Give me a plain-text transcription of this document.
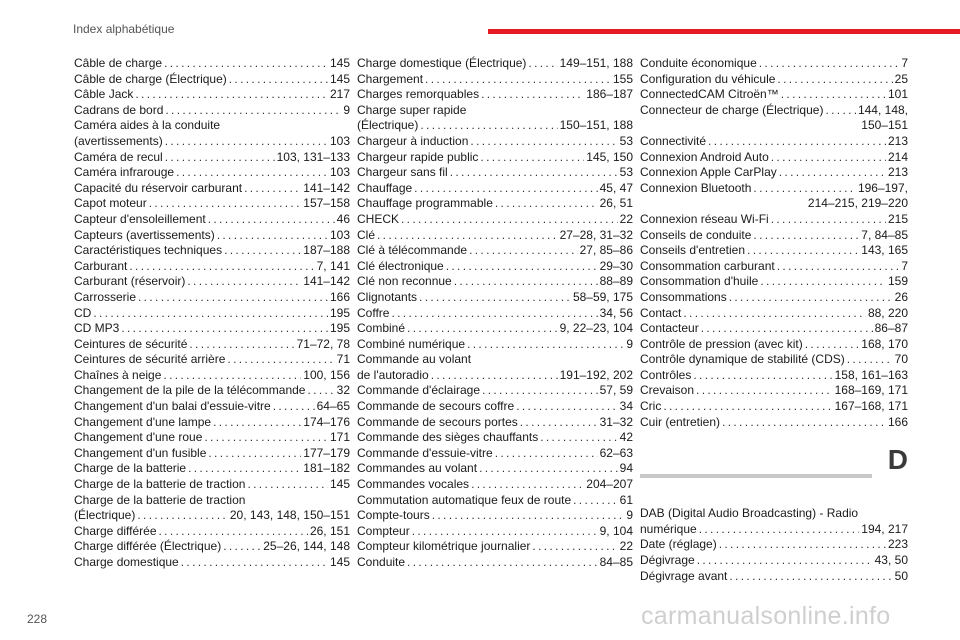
Index alphabétique
Câble de charge . . .	145
Câble de charge (Électrique) . . .	145
Câble Jack . . .	217
Cadrans de bord . . .	9
Caméra aides à la conduite
(avertissements) . . .	103
Caméra de recul . . .	103, 131–133
Caméra infrarouge . . .	103
Capacité du réservoir carburant . . .	141–142
Capot moteur . . .	157–158
Capteur d'ensoleillement . . .	46
Capteurs (avertissements) . . .	103
Caractéristiques techniques . . .	187–188
Carburant . . .	7, 141
Carburant (réservoir) . . .	141–142
Carrosserie . . .	166
CD . . .	195
CD MP3 . . .	195
Ceintures de sécurité . . .	71–72, 78
Ceintures de sécurité arrière . . .	71
Chaînes à neige . . .	100, 156
Changement de la pile de la télécommande . . .	32
Changement d'un balai d'essuie-vitre . . .	64–65
Changement d'une lampe . . .	174–176
Changement d'une roue . . .	171
Changement d'un fusible . . .	177–179
Charge de la batterie . . .	181–182
Charge de la batterie de traction . . .	145
Charge de la batterie de traction
(Électrique) . . .	20, 143, 148, 150–151
Charge différée . . .	26, 151
Charge différée (Électrique) . . .	25–26, 144, 148
Charge domestique . . .	145
Charge domestique (Électrique) . . .	149–151, 188
Chargement . . .	155
Charges remorquables . . .	186–187
Charge super rapide
(Électrique) . . .	150–151, 188
Chargeur à induction . . .	53
Chargeur rapide public . . .	145, 150
Chargeur sans fil . . .	53
Chauffage . . .	45, 47
Chauffage programmable . . .	26, 51
CHECK . . .	22
Clé . . .	27–28, 31–32
Clé à télécommande . . .	27, 85–86
Clé électronique . . .	29–30
Clé non reconnue . . .	88–89
Clignotants . . .	58–59, 175
Coffre . . .	34, 56
Combiné . . .	9, 22–23, 104
Combiné numérique . . .	9
Commande au volant
de l'autoradio . . .	191–192, 202
Commande d'éclairage . . .	57, 59
Commande de secours coffre . . .	34
Commande de secours portes . . .	31–32
Commande des sièges chauffants . . .	42
Commande d'essuie-vitre . . .	62–63
Commandes au volant . . .	94
Commandes vocales . . .	204–207
Commutation automatique feux de route . . .	61
Compte-tours . . .	9
Compteur . . .	9, 104
Compteur kilométrique journalier . . .	22
Conduite . . .	84–85
Conduite économique . . .	7
Configuration du véhicule . . .	25
ConnectedCAM Citroën™ . . .	101
Connecteur de charge (Électrique) . . .	144, 148,
150–151
Connectivité . . .	213
Connexion Android Auto . . .	214
Connexion Apple CarPlay . . .	213
Connexion Bluetooth . . .	196–197,
214–215, 219–220
Connexion réseau Wi-Fi . . .	215
Conseils de conduite . . .	7, 84–85
Conseils d'entretien . . .	143, 165
Consommation carburant . . .	7
Consommation d'huile . . .	159
Consommations . . .	26
Contact . . .	88, 220
Contacteur . . .	86–87
Contrôle de pression (avec kit) . . .	168, 170
Contrôle dynamique de stabilité (CDS) . . .	70
Contrôles . . .	158, 161–163
Crevaison . . .	168–169, 171
Cric . . .	167–168, 171
Cuir (entretien) . . .	166
D
DAB (Digital Audio Broadcasting) - Radio
numérique . . .	194, 217
Date (réglage) . . .	223
Dégivrage . . .	43, 50
Dégivrage avant . . .	50
228	carmanualsonline.info
